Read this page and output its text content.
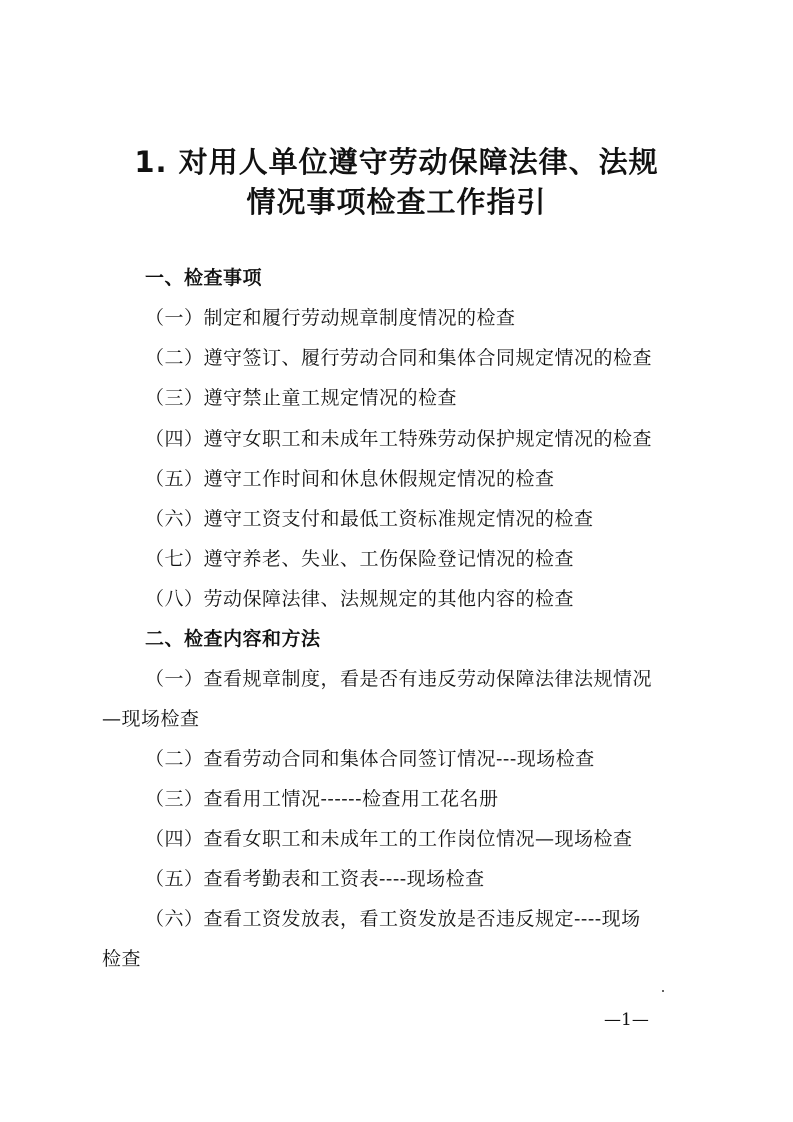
1. 对用人单位遵守劳动保障法律、法规
情况事项检查工作指引
一、检查事项
（一）制定和履行劳动规章制度情况的检查
（二）遵守签订、履行劳动合同和集体合同规定情况的检查
（三）遵守禁止童工规定情况的检查
（四）遵守女职工和未成年工特殊劳动保护规定情况的检查
（五）遵守工作时间和休息休假规定情况的检查
（六）遵守工资支付和最低工资标准规定情况的检查
（七）遵守养老、失业、工伤保险登记情况的检查
（八）劳动保障法律、法规规定的其他内容的检查
二、检查内容和方法
（一）查看规章制度，看是否有违反劳动保障法律法规情况
—现场检查
（二）查看劳动合同和集体合同签订情况---现场检查
（三）查看用工情况------检查用工花名册
（四）查看女职工和未成年工的工作岗位情况—现场检查
（五）查看考勤表和工资表----现场检查
（六）查看工资发放表，看工资发放是否违反规定----现场
检查
—1—
